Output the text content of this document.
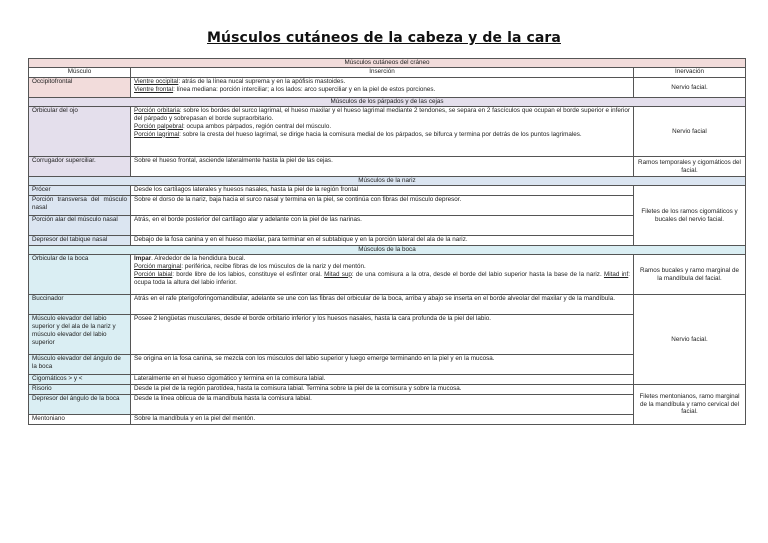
Músculos cutáneos de la cabeza y de la cara
Músculos cutáneos del cráneo		
Músculo	Inserción	Inervación
Occipitofrontal	Vientre occipital: atrás de la línea nucal suprema y en la apófisis mastoides.
Vientre frontal: línea mediana: porción interciliar; a los lados: arco superciliar y en la piel de estos porciones.	Nervio facial.
Músculos de los párpados y de las cejas		
Orbicular del ojo	Porción orbitaria: sobre los bordes del surco lagrimal, el hueso maxilar y el hueso lagrimal mediante 2 tendones, se separa en 2 fascículos que ocupan el borde superior e inferior del párpado y sobrepasan el borde supraorbitario.
Porción palpebral: ocupa ambos párpados, región central del músculo.
Porción lagrimal: sobre la cresta del hueso lagrimal, se dirige hacia la comisura medial de los párpados, se bifurca y termina por detrás de los puntos lagrimales.	Nervio facial
Corrugador superciliar.	Sobre el hueso frontal, asciende lateralmente hasta la piel de las cejas.	Ramos temporales y cigomáticos del facial.
Músculos de la nariz		
Prócer	Desde los cartílagos laterales y huesos nasales, hasta la piel de la región frontal	Filetes de los ramos cigomáticos y bucales del nervio facial.
Porción transversa del músculo nasal	Sobre el dorso de la nariz, baja hacia el surco nasal y termina en la piel, se continúa con fibras del músculo depresor.	
Porción alar del músculo nasal	Atrás, en el borde posterior del cartílago alar y adelante con la piel de las narinas.	
Depresor del tabique nasal	Debajo de la fosa canina y en el hueso maxilar, para terminar en el subtabique y en la porción lateral del ala de la nariz.	
Músculos de la boca		
Orbicular de la boca	Impar. Alrededor de la hendidura bucal.
Porción marginal: periférica, recibe fibras de los músculos de la nariz y del mentón.
Porción labial: borde libre de los labios, constituye el esfínter oral. Mitad sup: de una comisura a la otra, desde el borde del labio superior hasta la base de la nariz. Mitad inf: ocupa toda la altura del labio inferior.	Ramos bucales y ramo marginal de la mandíbula del facial.
Buccinador	Atrás en el rafe pterigoforingomandibular, adelante se une con las fibras del orbicular de la boca, arriba y abajo se inserta en el borde alveolar del maxilar y de la mandíbula.	Nervio facial.
Músculo elevador del labio superior y del ala de la nariz y músculo elevador del labio superior	Posee 2 lengüetas musculares, desde el borde orbitario inferior y los huesos nasales, hasta la cara profunda de la piel del labio.	
Músculo elevador del ángulo de la boca	Se origina en la fosa canina, se mezcla con los músculos del labio superior y luego emerge terminando en la piel y en la mucosa.	
Cigomáticos > y <	Lateralmente en el hueso cigomático y termina en la comisura labial.	
Risorio	Desde la piel de la región parotídea, hasta la comisura labial. Termina sobre la piel de la comisura y sobre la mucosa.	Filetes mentonianos, ramo marginal de la mandíbula y ramo cervical del facial.
Depresor del ángulo de la boca	Desde la línea oblicua de la mandíbula hasta la comisura labial.	
Mentoniano	Sobre la mandíbula y en la piel del mentón.	
